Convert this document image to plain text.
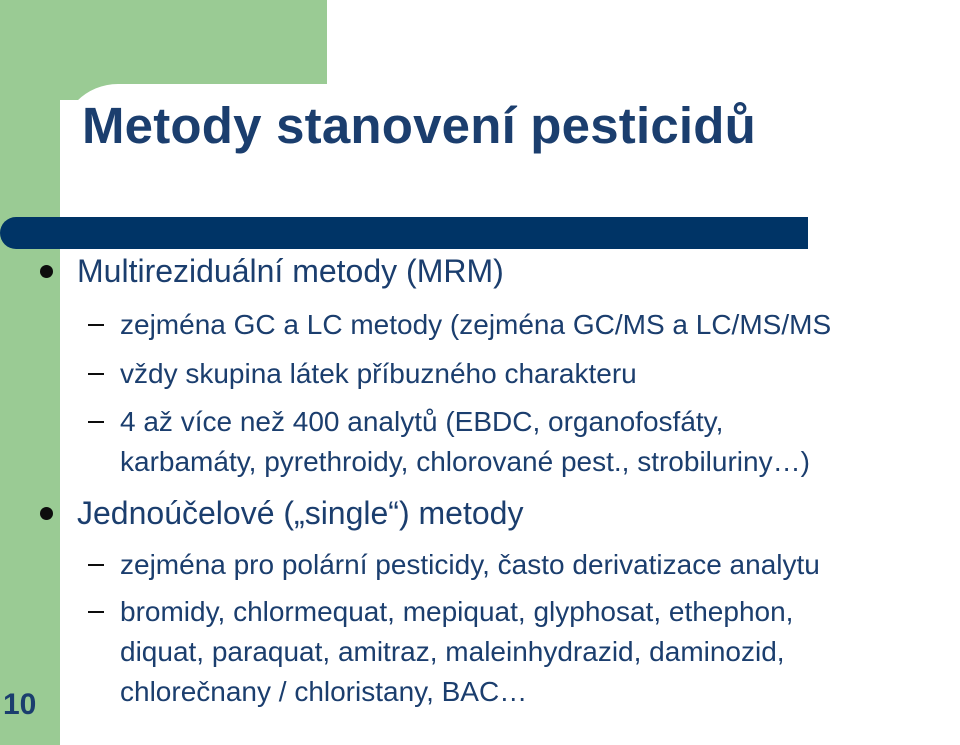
Metody stanovení pesticidů
Multireziduální metody (MRM)
zejména GC a LC metody (zejména GC/MS a LC/MS/MS
vždy skupina látek příbuzného charakteru
4 až více než 400 analytů (EBDC, organofosfáty,
karbamáty, pyrethroidy, chlorované pest., strobiluriny…)
Jednoúčelové („single“) metody
zejména pro polární pesticidy, často derivatizace analytu
bromidy, chlormequat, mepiquat, glyphosat, ethephon,
diquat, paraquat, amitraz, maleinhydrazid, daminozid,
chlorečnany / chloristany, BAC…
10
